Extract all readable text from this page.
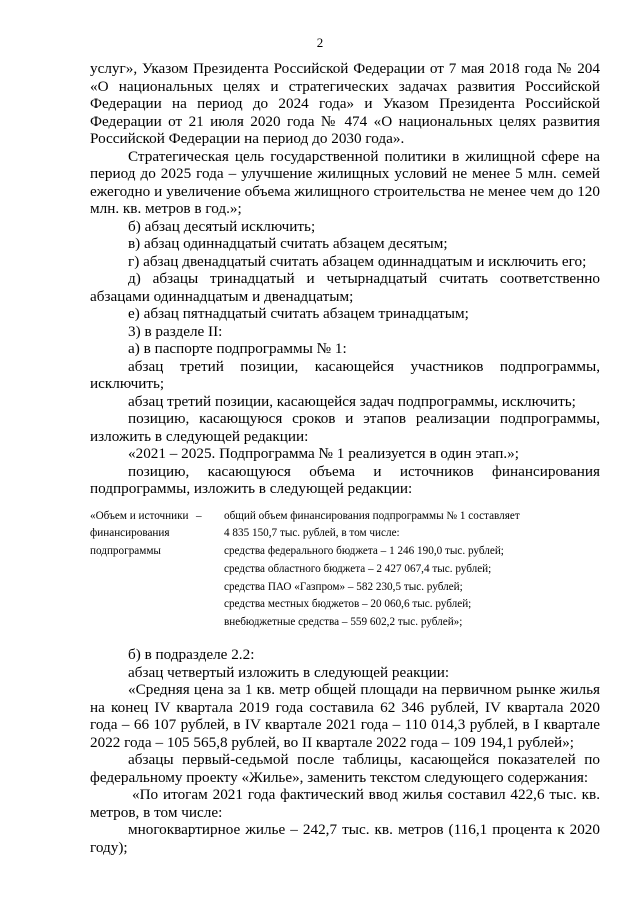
2

услуг», Указом Президента Российской Федерации от 7 мая 2018 года № 204 «О национальных целях и стратегических задачах развития Российской Федерации на период до 2024 года» и Указом Президента Российской Федерации от 21 июля 2020 года № 474 «О национальных целях развития Российской Федерации на период до 2030 года».

Стратегическая цель государственной политики в жилищной сфере на период до 2025 года – улучшение жилищных условий не менее 5 млн. семей ежегодно и увеличение объема жилищного строительства не менее чем до 120 млн. кв. метров в год.»;

б) абзац десятый исключить;

в) абзац одиннадцатый считать абзацем десятым;

г) абзац двенадцатый считать абзацем одиннадцатым и исключить его;

д) абзацы тринадцатый и четырнадцатый считать соответственно абзацами одиннадцатым и двенадцатым;

е) абзац пятнадцатый считать абзацем тринадцатым;

3) в разделе II:

а) в паспорте подпрограммы № 1:

абзац третий позиции, касающейся участников подпрограммы, исключить;

абзац третий позиции, касающейся задач подпрограммы, исключить;

позицию, касающуюся сроков и этапов реализации подпрограммы, изложить в следующей редакции:

«2021 – 2025. Подпрограмма № 1 реализуется в один этап.»;

позицию, касающуюся объема и источников финансирования подпрограммы, изложить в следующей редакции:

«Объем и источники финансирования подпрограммы
–	общий объем финансирования подпрограммы № 1 составляет
4 835 150,7 тыс. рублей, в том числе:
средства федерального бюджета – 1 246 190,0 тыс. рублей;
средства областного бюджета – 2 427 067,4 тыс. рублей;
средства ПАО «Газпром» – 582 230,5 тыс. рублей;
средства местных бюджетов – 20 060,6 тыс. рублей;
внебюджетные средства – 559 602,2 тыс. рублей»;

б) в подразделе 2.2:

абзац четвертый изложить в следующей реакции:

«Средняя цена за 1 кв. метр общей площади на первичном рынке жилья на конец IV квартала 2019 года составила 62 346 рублей, IV квартала 2020 года – 66 107 рублей, в IV квартале 2021 года – 110 014,3 рублей, в I квартале 2022 года – 105 565,8 рублей, во II квартале 2022 года – 109 194,1 рублей»;

абзацы первый-седьмой после таблицы, касающейся показателей по федеральному проекту «Жилье», заменить текстом следующего содержания:

«По итогам 2021 года фактический ввод жилья составил 422,6 тыс. кв. метров, в том числе:

многоквартирное жилье – 242,7 тыс. кв. метров (116,1 процента к 2020 году);
